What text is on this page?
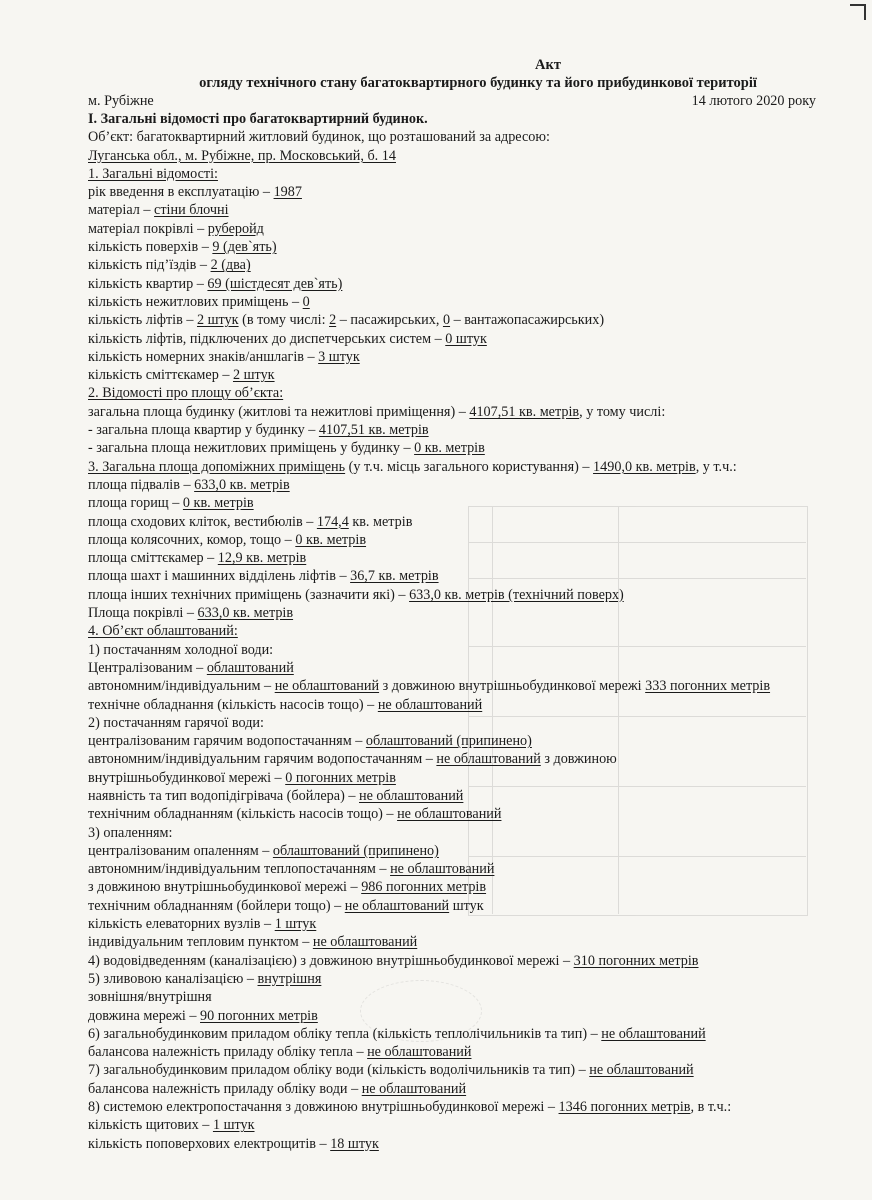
Акт
огляду технічного стану багатоквартирного будинку та його прибудинкової території
м. Рубіжне	14 лютого 2020 року
І. Загальні відомості про багатоквартирний будинок.
Об’єкт: багатоквартирний житловий будинок, що розташований за адресою:
Луганська обл., м. Рубіжне, пр. Московський, б. 14
1. Загальні відомості:
рік введення в експлуатацію – 1987
матеріал – стіни блочні
матеріал покрівлі – руберойд
кількість поверхів – 9 (дев`ять)
кількість під’їздів – 2 (два)
кількість квартир – 69 (шістдесят дев`ять)
кількість нежитлових приміщень – 0
кількість ліфтів – 2 штук (в тому числі: 2 – пасажирських, 0 – вантажопасажирських)
кількість ліфтів, підключених до диспетчерських систем – 0 штук
кількість номерних знаків/аншлагів – 3 штук
кількість сміттєкамер – 2 штук
2. Відомості про площу об’єкта:
загальна площа будинку (житлові та нежитлові приміщення) – 4107,51 кв. метрів, у тому числі:
- загальна площа квартир у будинку – 4107,51 кв. метрів
- загальна площа нежитлових приміщень у будинку – 0 кв. метрів
3. Загальна площа допоміжних приміщень (у т.ч. місць загального користування) – 1490,0 кв. метрів, у т.ч.:
площа підвалів – 633,0 кв. метрів
площа горищ – 0 кв. метрів
площа сходових кліток, вестибюлів – 174,4 кв. метрів
площа колясочних, комор, тощо – 0 кв. метрів
площа сміттєкамер – 12,9 кв. метрів
площа шахт і машинних відділень ліфтів – 36,7 кв. метрів
площа інших технічних приміщень (зазначити які) – 633,0 кв. метрів (технічний поверх)
Площа покрівлі – 633,0 кв. метрів
4. Об’єкт облаштований:
1) постачанням холодної води:
Централізованим – облаштований
автономним/індивідуальним – не облаштований з довжиною внутрішньобудинкової мережі 333 погонних метрів
технічне обладнання (кількість насосів тощо) – не облаштований
2) постачанням гарячої води:
централізованим гарячим водопостачанням – облаштований (припинено)
автономним/індивідуальним гарячим водопостачанням – не облаштований з довжиною
внутрішньобудинкової мережі – 0 погонних метрів
наявність та тип водопідігрівача (бойлера) – не облаштований
технічним обладнанням (кількість насосів тощо) – не облаштований
3) опаленням:
централізованим опаленням – облаштований (припинено)
автономним/індивідуальним теплопостачанням – не облаштований
з довжиною внутрішньобудинкової мережі – 986 погонних метрів
технічним обладнанням (бойлери тощо) – не облаштований штук
кількість елеваторних вузлів – 1 штук
індивідуальним тепловим пунктом – не облаштований
4) водовідведенням (каналізацією) з довжиною внутрішньобудинкової мережі – 310 погонних метрів
5) зливовою каналізацією – внутрішня
зовнішня/внутрішня
довжина мережі – 90 погонних метрів
6) загальнобудинковим приладом обліку тепла (кількість теплолічильників та тип) – не облаштований
балансова належність приладу обліку тепла – не облаштований
7) загальнобудинковим приладом обліку води (кількість водолічильників та тип) – не облаштований
балансова належність приладу обліку води – не облаштований
8) системою електропостачання з довжиною внутрішньобудинкової мережі – 1346 погонних метрів, в т.ч.:
кількість щитових – 1 штук
кількість поповерхових електрощитів – 18 штук
